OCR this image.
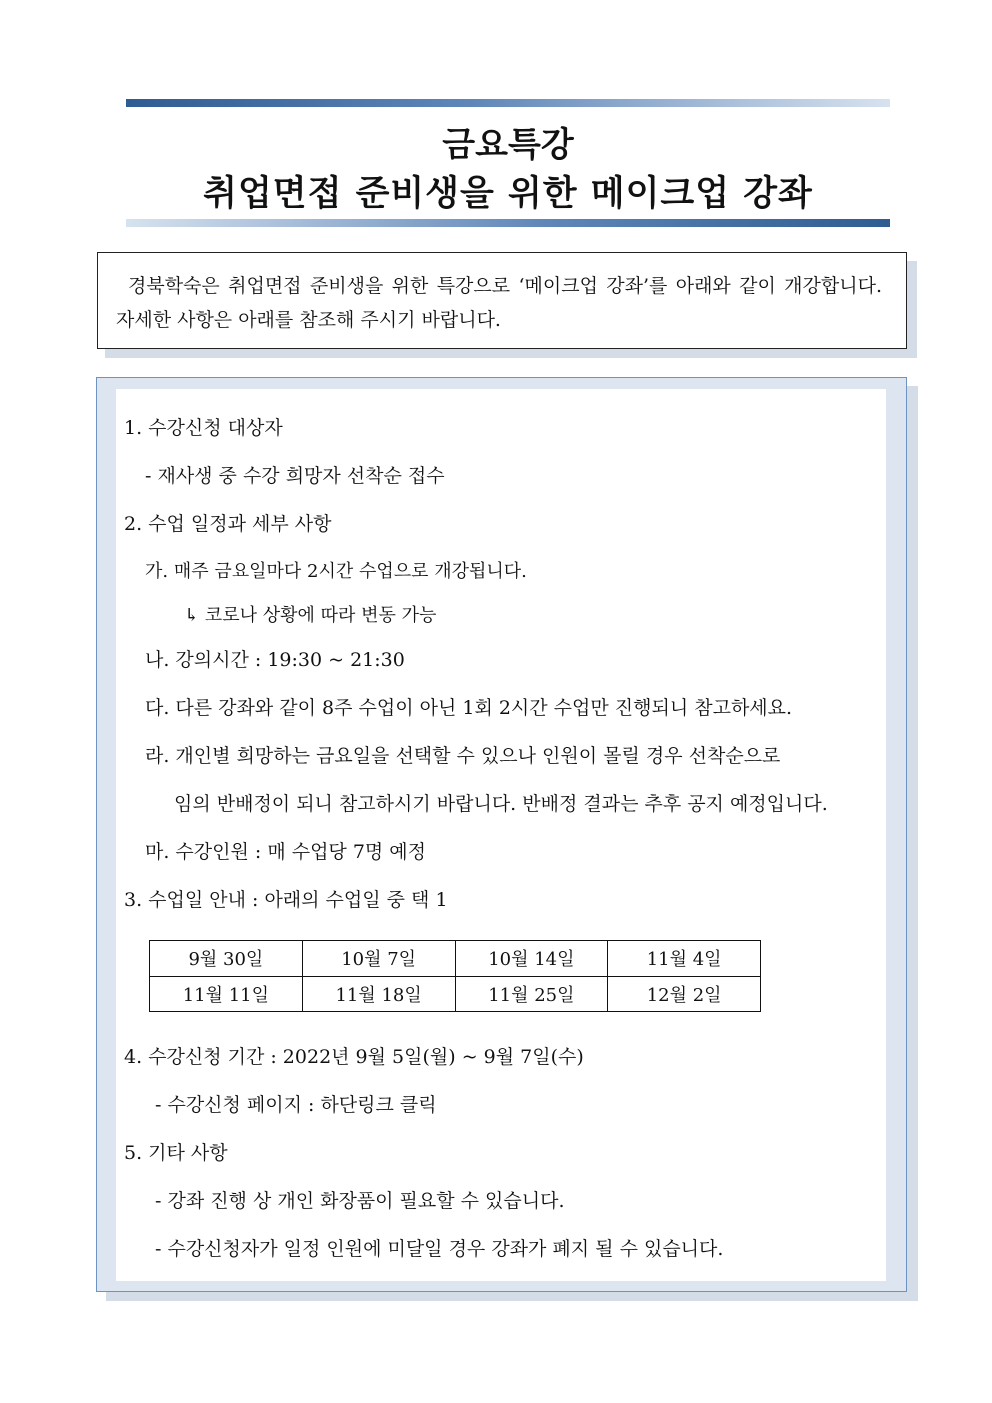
금요특강
취업면접 준비생을 위한 메이크업 강좌
경북학숙은 취업면접 준비생을 위한 특강으로 ‘메이크업 강좌’를 아래와 같이 개강합니다. 자세한 사항은 아래를 참조해 주시기 바랍니다.
1. 수강신청 대상자
- 재사생 중 수강 희망자 선착순 접수
2. 수업 일정과 세부 사항
가. 매주 금요일마다 2시간 수업으로 개강됩니다.
↳ 코로나 상황에 따라 변동 가능
나. 강의시간 : 19:30 ~ 21:30
다. 다른 강좌와 같이 8주 수업이 아닌 1회 2시간 수업만 진행되니 참고하세요.
라. 개인별 희망하는 금요일을 선택할 수 있으나 인원이 몰릴 경우 선착순으로
임의 반배정이 되니 참고하시기 바랍니다. 반배정 결과는 추후 공지 예정입니다.
마. 수강인원 : 매 수업당 7명 예정
3. 수업일 안내 : 아래의 수업일 중 택 1
9월 30일	10월 7일	10월 14일	11월 4일
11월 11일	11월 18일	11월 25일	12월 2일
4. 수강신청 기간 : 2022년 9월 5일(월) ~ 9월 7일(수)
- 수강신청 페이지 : 하단링크 클릭
5. 기타 사항
- 강좌 진행 상 개인 화장품이 필요할 수 있습니다.
- 수강신청자가 일정 인원에 미달일 경우 강좌가 폐지 될 수 있습니다.
